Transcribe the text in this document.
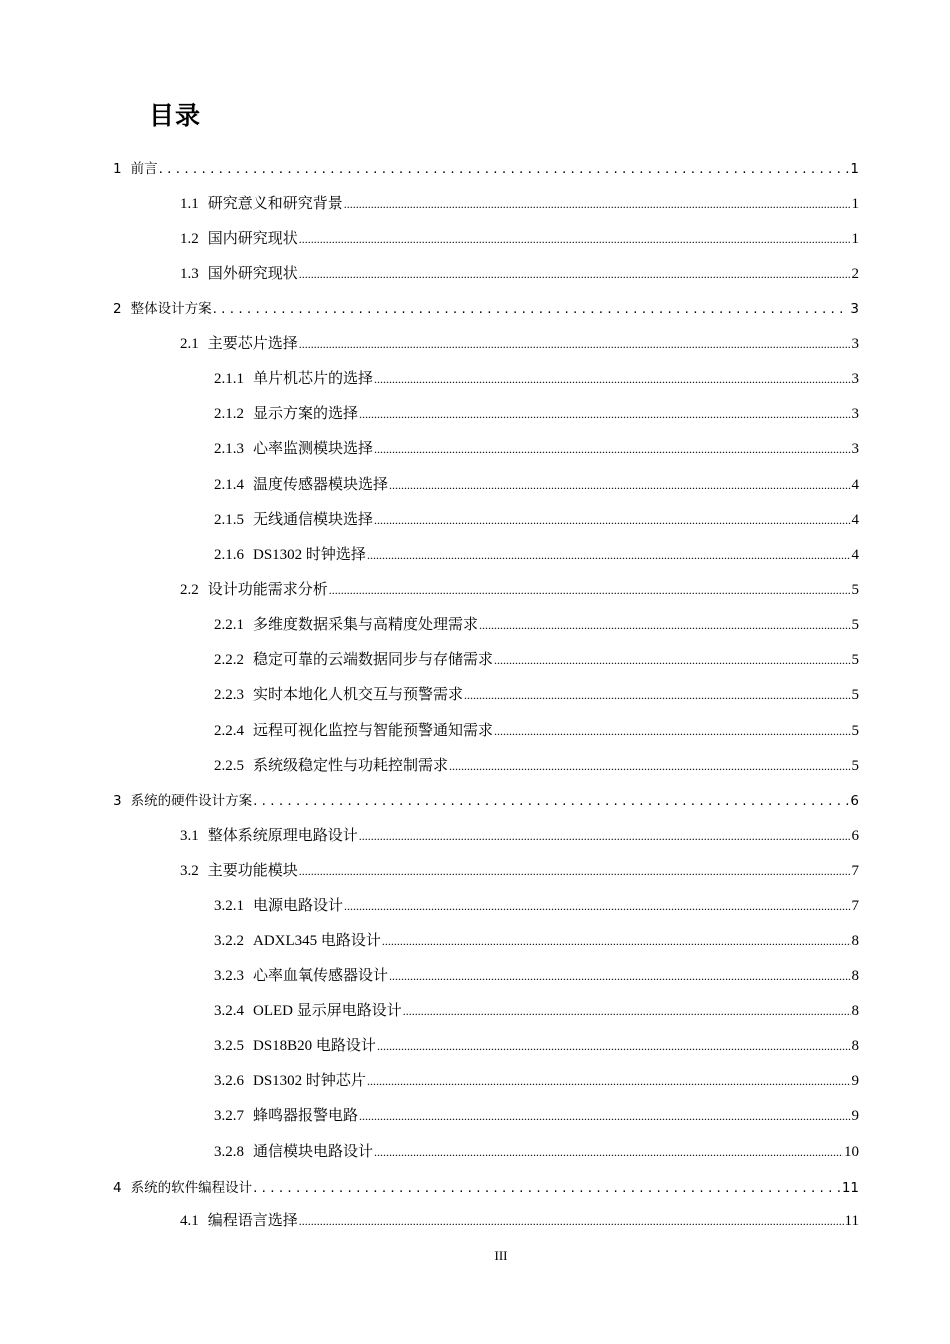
目录
1 前言 . . .	1
1.1 研究意义和研究背景 .....	1
1.2 国内研究现状 .....	1
1.3 国外研究现状 .....	2
2 整体设计方案 . . .	3
2.1 主要芯片选择 .....	3
2.1.1 单片机芯片的选择 .....	3
2.1.2 显示方案的选择 .....	3
2.1.3 心率监测模块选择 .....	3
2.1.4 温度传感器模块选择 .....	4
2.1.5 无线通信模块选择 .....	4
2.1.6 DS1302 时钟选择 .....	4
2.2 设计功能需求分析 .....	5
2.2.1 多维度数据采集与高精度处理需求 .....	5
2.2.2 稳定可靠的云端数据同步与存储需求 .....	5
2.2.3 实时本地化人机交互与预警需求 .....	5
2.2.4 远程可视化监控与智能预警通知需求 .....	5
2.2.5 系统级稳定性与功耗控制需求 .....	5
3 系统的硬件设计方案 . . .	6
3.1 整体系统原理电路设计 .....	6
3.2 主要功能模块 .....	7
3.2.1 电源电路设计 .....	7
3.2.2 ADXL345 电路设计 .....	8
3.2.3 心率血氧传感器设计 .....	8
3.2.4 OLED 显示屏电路设计 .....	8
3.2.5 DS18B20 电路设计 .....	8
3.2.6 DS1302 时钟芯片 .....	9
3.2.7 蜂鸣器报警电路 .....	9
3.2.8 通信模块电路设计 .....	10
4 系统的软件编程设计 . . .	11
4.1 编程语言选择 .....	11
III
